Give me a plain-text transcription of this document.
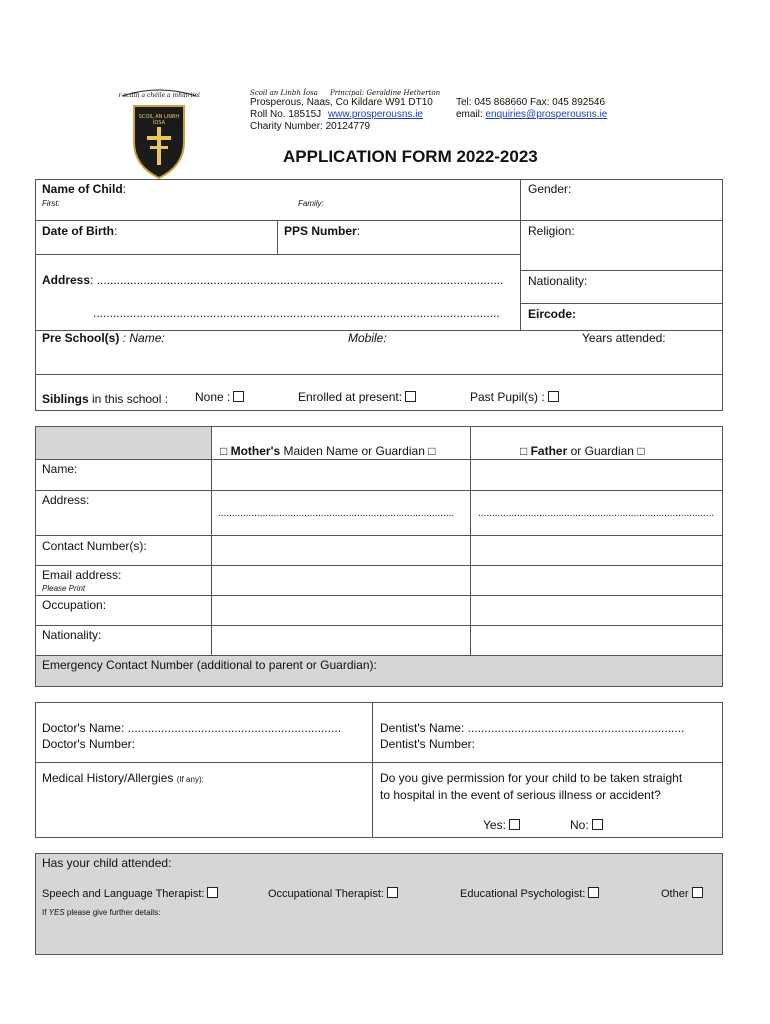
Ar scáth a chéile a mhairimid
SCOIL AN LINBH
ÍOSA
Scoil an Linbh Íosa Principal: Geraldine Hetherton
Prosperous, Naas, Co Kildare W91 DT10
Roll No. 18515J www.prosperousns.ie
Charity Number: 20124779
Tel: 045 868660 Fax: 045 892546
email: enquiries@prosperousns.ie
APPLICATION FORM 2022-2023
Name of Child:
First:	Family:
Gender:
Date of Birth:	PPS Number:	Religion:
Address: ..........................................................................................................................
..........................................................................................................................
Nationality:
Eircode:
Pre School(s) : Name:	Mobile:	Years attended:
Siblings in this school : None :	Enrolled at present:	Past Pupil(s) :
□ Mother's Maiden Name or Guardian □	□ Father or Guardian □
Name:
Address:
..................................................................................... .....................................................................................
Contact Number(s):
Email address:
Please Print
Occupation:
Nationality:
Emergency Contact Number (additional to parent or Guardian):
Doctor's Name: ................................................................
Doctor's Number:
Dentist's Name: .................................................................
Dentist's Number:
Medical History/Allergies (If any):	Do you give permission for your child to be taken straight
to hospital in the event of serious illness or accident?
Yes:	No:
Has your child attended:
Speech and Language Therapist:	Occupational Therapist:	Educational Psychologist:	Other
If YES please give further details:
